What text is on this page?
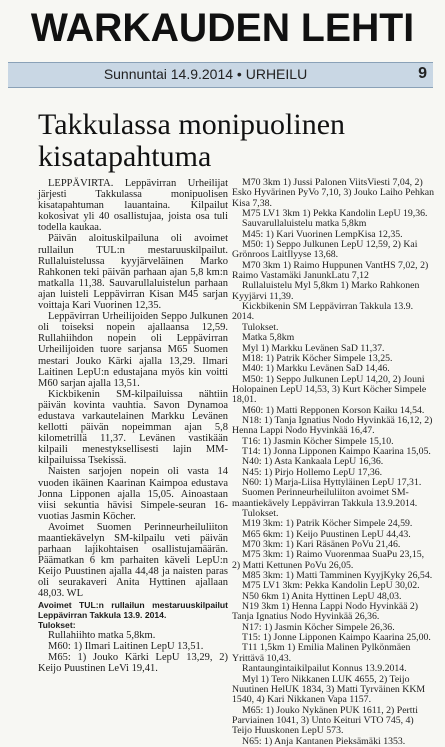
WARKAUDEN LEHTI
Sunnuntai 14.9.2014 • URHEILU	9
Takkulassa monipuolinen
kisatapahtuma

LEPPÄVIRTA. Leppävirran Urheilijat järjesti Takkulassa monipuolisen kisatapahtuman lauantaina. Kilpailut kokosivat yli 40 osallistujaa, joista osa tuli todella kaukaa.

Päivän aloituskilpailuna oli avoimet rullailun TUL:n mestaruuskilpailut. Rullaluistelussa kyyjärveläinen Marko Rahkonen teki päivän parhaan ajan 5,8 km:n matkalla 11,38. Sauvarullaluistelun parhaan ajan luisteli Leppävirran Kisan M45 sarjan voittaja Kari Vuorinen 12,35.

Leppävirran Urheilijoiden Seppo Julkunen oli toiseksi nopein ajallaansa 12,59. Rullahiihdon nopein oli Leppävirran Urheilijoiden tuore sarjansa M65 Suomen mestari Jouko Kärki ajalla 13,29. Ilmari Laitinen LepU:n edustajana myös kin voitti M60 sarjan ajalla 13,51.

Kickbikenin SM-kilpailuissa nähtiin päivän kovinta vauhtia. Savon Dynamoa edustava varkautelainen Markku Levänen kellotti päivän nopeimman ajan 5,8 kilometrillä 11,37. Levänen vastikään kilpaili menestyksellisesti lajin MM-kilpailuissa Tsekissä.

Naisten sarjojen nopein oli vasta 14 vuoden ikäinen Kaarinan Kaimpoa edustava Jonna Lipponen ajalla 15,05. Ainoastaan viisi sekuntia hävisi Simpele-seuran 16-vuotias Jasmin Köcher.

Avoimet Suomen Perinneurheiluliiton maantiekävelyn SM-kilpailu veti päivän parhaan lajikohtaisen osallistujamäärän. Päämatkan 6 km parhaiten käveli LepU:n Keijo Puustinen ajalla 44,48 ja naisten paras oli seurakaveri Anita Hyttinen ajallaan 48,03. WL

Avoimet TUL:n rullailun mestaruuskilpailut Leppävirran Takkula 13.9. 2014.

Tulokset:

Rullahiihto matka 5,8km.

M60: 1) Ilmari Laitinen LepU 13,51.

M65: 1) Jouko Kärki LepU 13,29, 2) Keijo Puustinen LeVi 19,41.

M70 3km 1) Jussi Palonen ViitsViesti 7,04, 2) Esko Hyvärinen PyVo 7,10, 3) Jouko Laiho Pehkan Kisa 7,38.

M75 LV1 3km 1) Pekka Kandolin LepU 19,36.

Sauvarullaluistelu matka 5,8km

M45: 1) Kari Vuorinen LempKisa 12,35.

M50: 1) Seppo Julkunen LepU 12,59, 2) Kai Grönroos LaitIlyyse 13,68.

M70 3km 1) Raimo Huppunen VantHS 7,02, 2) Raimo Vastamäki JanunkLatu 7,12

Rullaluistelu Myl 5,8km 1) Marko Rahkonen Kyyjärvi 11,39.

Kickbikenin SM Leppävirran Takkula 13.9. 2014.

Tulokset.

Matka 5,8km

Myl 1) Markku Levänen SaD 11,37.

M18: 1) Patrik Köcher Simpele 13,25.

M40: 1) Markku Levänen SaD 14,46.

M50: 1) Seppo Julkunen LepU 14,20, 2) Jouni Holopainen LepU 14,53, 3) Kurt Köcher Simpele 18,01.

M60: 1) Matti Repponen Korson Kaiku 14,54.

N18: 1) Tanja Ignatius Nodo Hyvinkää 16,12, 2) Henna Lappi Nodo Hyvinkää 16,47.

T16: 1) Jasmin Köcher Simpele 15,10.

T14: 1) Jonna Lipponen Kaimpo Kaarina 15,05.

N40: 1) Asta Kankaala LepU 16,36.

N45: 1) Pirjo Hollemo LepU 17,36.

N60: 1) Marja-Liisa Hyttyläinen LepU 17,31.

Suomen Perinneurheiluliiton avoimet SM-maantiekävely Leppävirran Takkula 13.9.2014.

Tulokset.

M19 3km: 1) Patrik Köcher Simpele 24,59.

M65 6km: 1) Keijo Puustinen LepU 44,43.

M70 3km: 1) Kari Räsänen PoVu 21,46.

M75 3km: 1) Raimo Vuorenmaa SuaPu 23,15, 2) Matti Kettunen PoVu 26,05.

M85 3km: 1) Matti Tamminen KyyjKyky 26,54.

M75 LV1 3km: Pekka Kandolin LepU 30,02.

N50 6km 1) Anita Hyttinen LepU 48,03.

N19 3km 1) Henna Lappi Nodo Hyvinkää 2) Tanja Ignatius Nodo Hyvinkää 26,36.

N17: 1) Jasmin Köcher Simpele 26,36.

T15: 1) Jonne Lipponen Kaimpo Kaarina 25,00.

T11 1,5km 1) Emilia Malinen Pylkönmäen Yrittävä 10,43.

Rantaungintaikilpailut Konnus 13.9.2014.

Myl 1) Tero Nikkanen LUK 4655, 2) Teijo Nuutinen HelUK 1834, 3) Matti Tyrväinen KKM 1540, 4) Kari Nikkanen Vapa 1157.

M65: 1) Jouko Nykänen PUK 1611, 2) Pertti Parviainen 1041, 3) Unto Keituri VTO 745, 4) Teijo Huuskonen LepU 573.

N65: 1) Anja Kantanen Pieksämäki 1353.
